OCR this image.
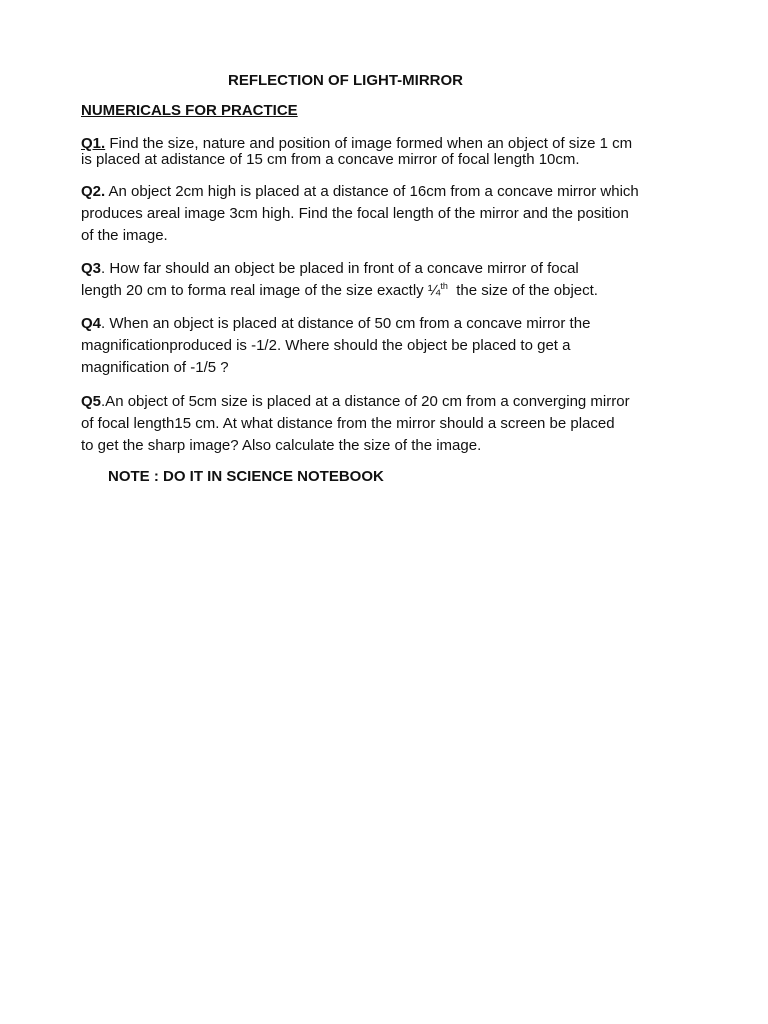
REFLECTION OF LIGHT-MIRROR
NUMERICALS FOR PRACTICE
Q1. Find the size, nature and position of image formed when an object of size 1 cm
is placed at adistance of 15 cm from a concave mirror of focal length 10cm.
Q2. An object 2cm high is placed at a distance of 16cm from a concave mirror which
produces areal image 3cm high. Find the focal length of the mirror and the position
of the image.
Q3. How far should an object be placed in front of a concave mirror of focal
length 20 cm to forma real image of the size exactly ¼$^{th}$  the size of the object.
Q4. When an object is placed at distance of 50 cm from a concave mirror the
magnificationproduced is -1/2. Where should the object be placed to get a
magnification of -1/5 ?
Q5.An object of 5cm size is placed at a distance of 20 cm from a converging mirror
of focal length15 cm. At what distance from the mirror should a screen be placed
to get the sharp image? Also calculate the size of the image.
NOTE : DO IT IN SCIENCE NOTEBOOK
